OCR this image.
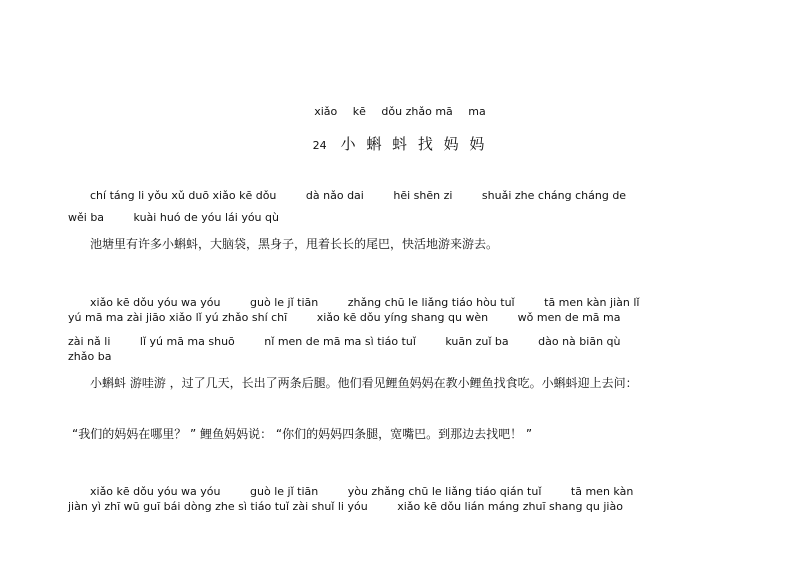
xiǎo kē dǒu zhǎo mā ma
24 小 蝌 蚪 找 妈 妈
chí táng li yǒu xǔ duō xiǎo kē dǒu	dà nǎo dai	hēi shēn zi	shuǎi zhe cháng cháng de
wěi ba	kuài huó de yóu lái yóu qù
池塘里有许多小蝌蚪，大脑袋，黑身子，甩着长长的尾巴，快活地游来游去。
xiǎo kē dǒu yóu wa yóu	guò le jǐ tiān	zhǎng chū le liǎng tiáo hòu tuǐ	tā men kàn jiàn lǐ
yú mā ma zài jiāo xiǎo lǐ yú zhǎo shí chī	xiǎo kē dǒu yíng shang qu wèn	wǒ men de mā ma
zài nǎ li	lǐ yú mā ma shuō	nǐ men de mā ma sì tiáo tuǐ	kuān zuǐ ba	dào nà biān qù
zhǎo ba
小蝌蚪 游哇游 ，过了几天，长出了两条后腿。他们看见鲤鱼妈妈在教小鲤鱼找食吃。小蝌蚪迎上去问：
“我们的妈妈在哪里？ ” 鲤鱼妈妈说： “你们的妈妈四条腿，宽嘴巴。到那边去找吧！ ”
xiǎo kē dǒu yóu wa yóu	guò le jǐ tiān	yòu zhǎng chū le liǎng tiáo qián tuǐ	tā men kàn
jiàn yì zhī wū guī bái dòng zhe sì tiáo tuǐ zài shuǐ li yóu	xiǎo kē dǒu lián máng zhuī shang qu jiào
